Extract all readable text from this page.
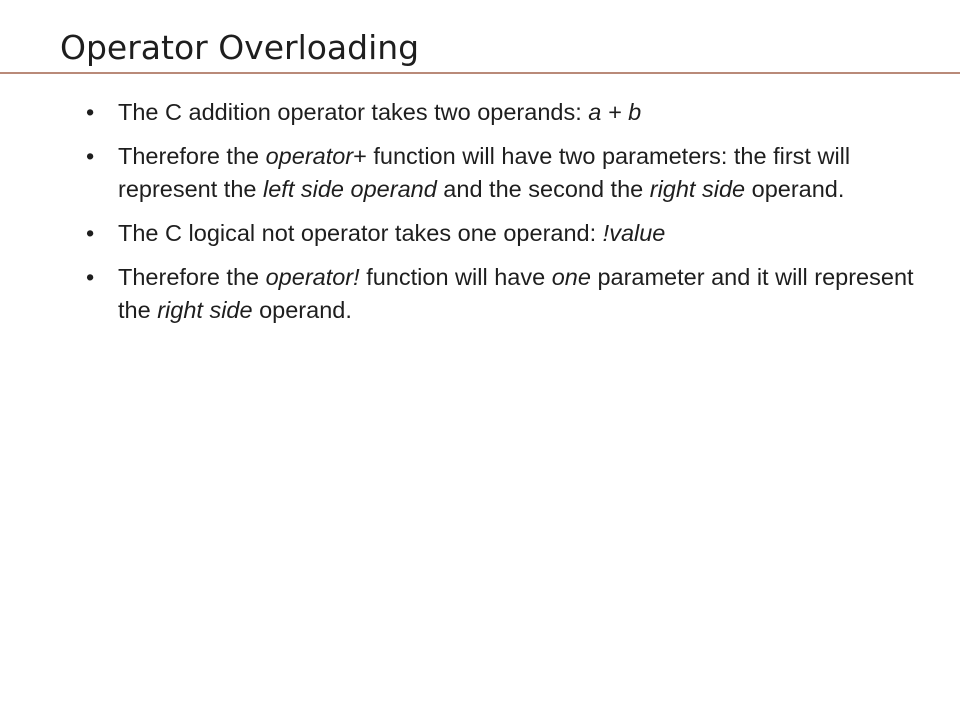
Operator Overloading
• The C addition operator takes two operands: a + b
• Therefore the operator+ function will have two parameters: the first will represent the left side operand and the second the right side operand.
• The C logical not operator takes one operand: !value
• Therefore the operator! function will have one parameter and it will represent the right side operand.
